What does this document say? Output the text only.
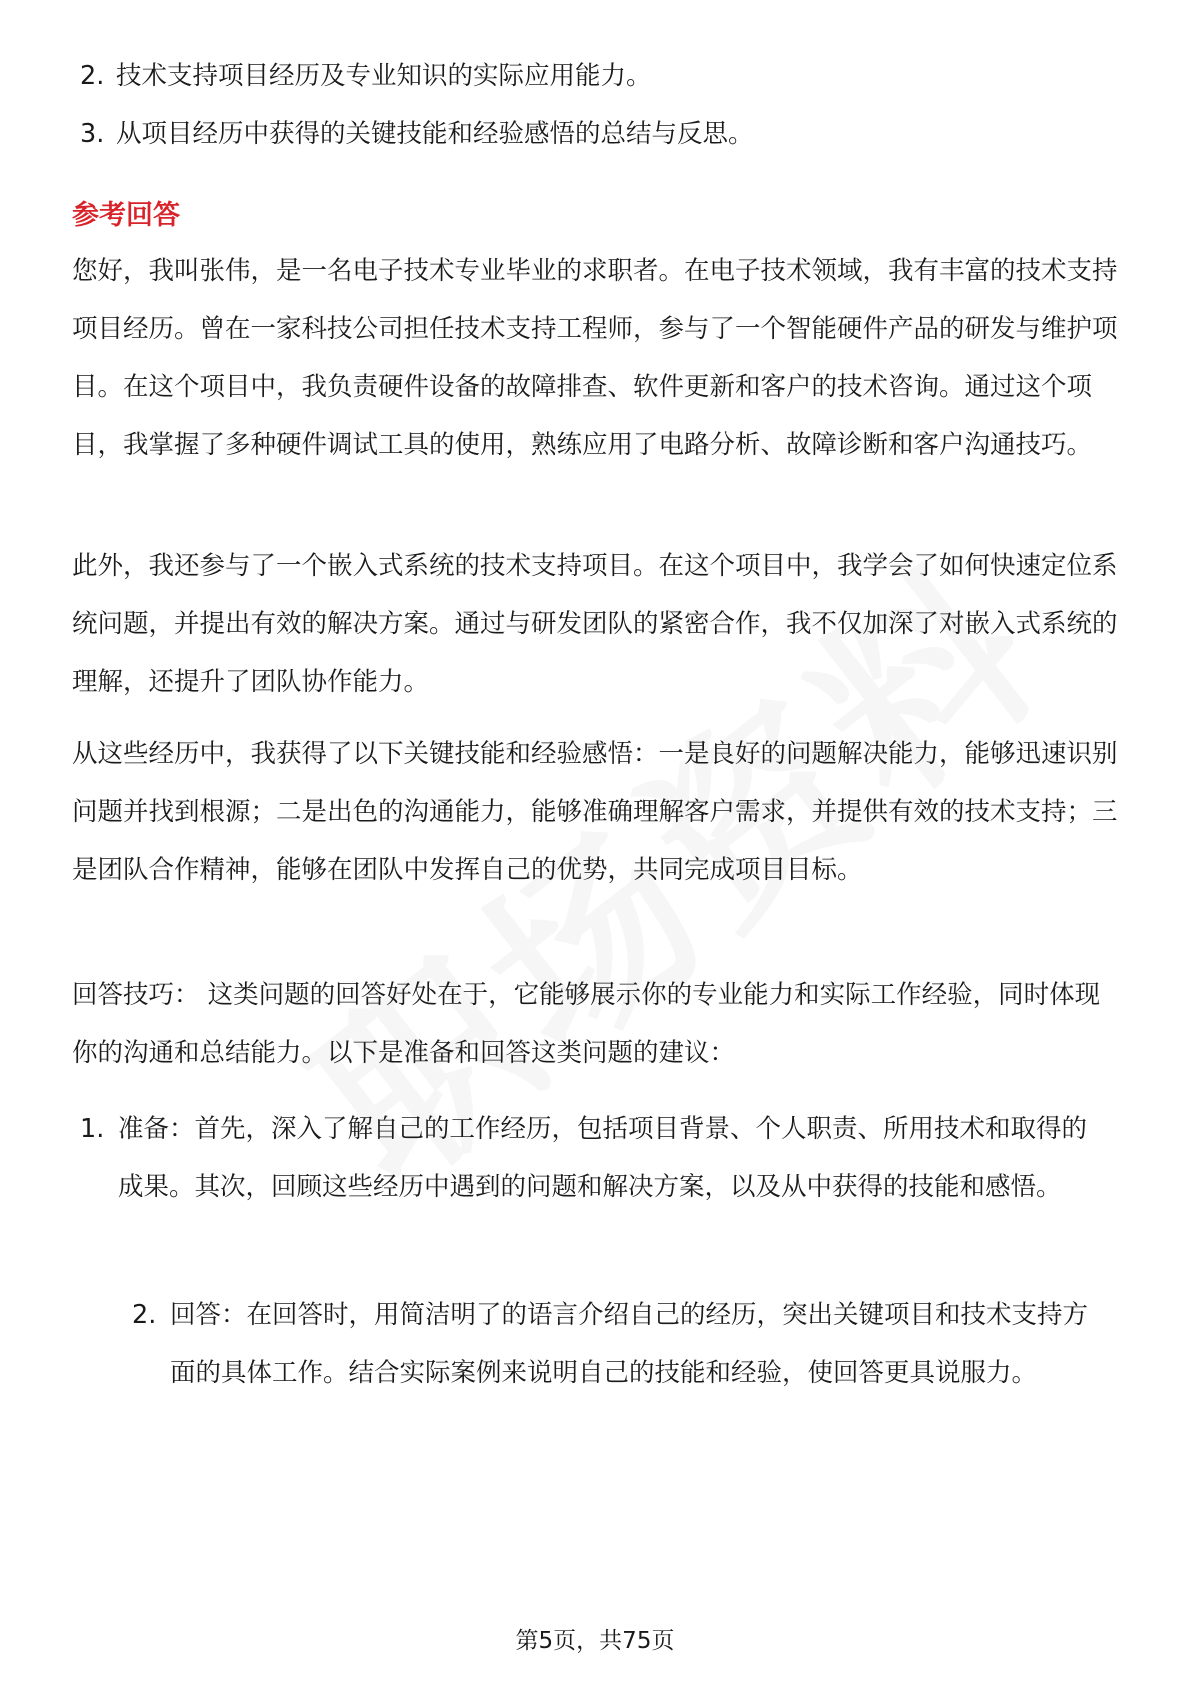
2. 技术支持项目经历及专业知识的实际应用能力。
3. 从项目经历中获得的关键技能和经验感悟的总结与反思。

参考回答

您好，我叫张伟，是一名电子技术专业毕业的求职者。在电子技术领域，我有丰富的技术支持项目经历。曾在一家科技公司担任技术支持工程师，参与了一个智能硬件产品的研发与维护项目。在这个项目中，我负责硬件设备的故障排查、软件更新和客户的技术咨询。通过这个项目，我掌握了多种硬件调试工具的使用，熟练应用了电路分析、故障诊断和客户沟通技巧。

此外，我还参与了一个嵌入式系统的技术支持项目。在这个项目中，我学会了如何快速定位系统问题，并提出有效的解决方案。通过与研发团队的紧密合作，我不仅加深了对嵌入式系统的理解，还提升了团队协作能力。

从这些经历中，我获得了以下关键技能和经验感悟：一是良好的问题解决能力，能够迅速识别问题并找到根源；二是出色的沟通能力，能够准确理解客户需求，并提供有效的技术支持；三是团队合作精神，能够在团队中发挥自己的优势，共同完成项目目标。

回答技巧： 这类问题的回答好处在于，它能够展示你的专业能力和实际工作经验，同时体现你的沟通和总结能力。以下是准备和回答这类问题的建议：

1. 准备：首先，深入了解自己的工作经历，包括项目背景、个人职责、所用技术和取得的成果。其次，回顾这些经历中遇到的问题和解决方案，以及从中获得的技能和感悟。

2. 回答：在回答时，用简洁明了的语言介绍自己的经历，突出关键项目和技术支持方面的具体工作。结合实际案例来说明自己的技能和经验，使回答更具说服力。

第5页，共75页
